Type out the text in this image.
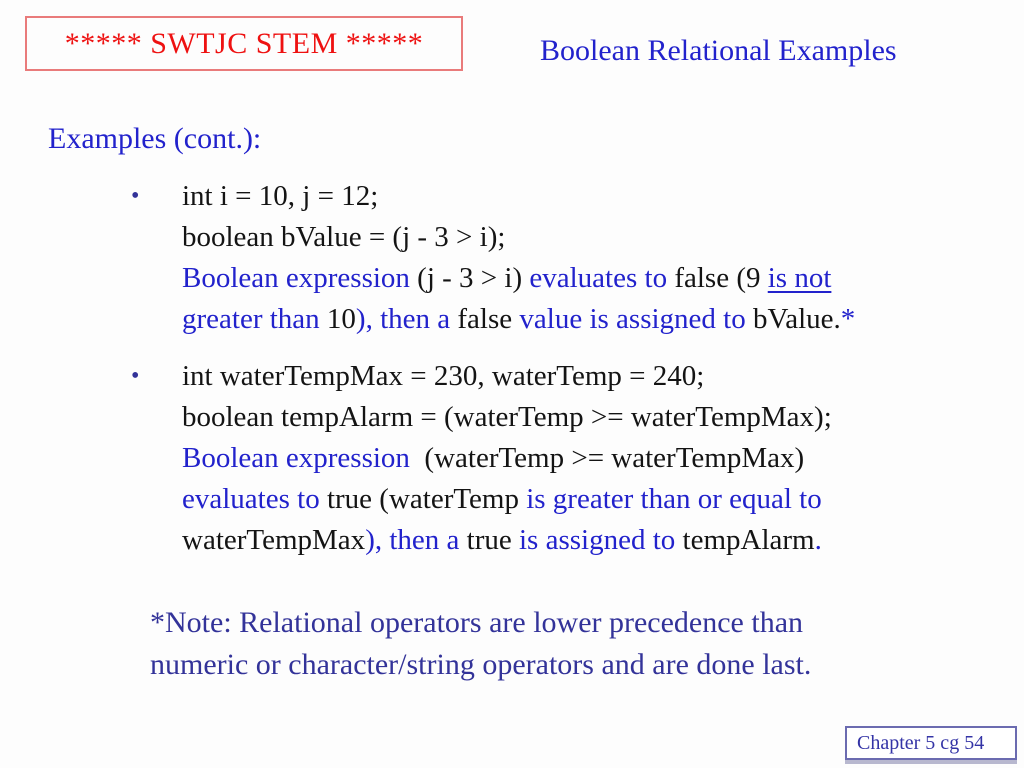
***** SWTJC STEM *****	Boolean Relational Examples
Examples (cont.):
• int i = 10, j = 12;
boolean bValue = (j - 3 > i);
Boolean expression (j - 3 > i) evaluates to false (9 is not
greater than 10), then a false value is assigned to bValue.*
• int waterTempMax = 230, waterTemp = 240;
boolean tempAlarm = (waterTemp >= waterTempMax);
Boolean expression  (waterTemp >= waterTempMax)
evaluates to true (waterTemp is greater than or equal to
waterTempMax), then a true is assigned to tempAlarm.
*Note: Relational operators are lower precedence than
numeric or character/string operators and are done last.
Chapter 5 cg 54
